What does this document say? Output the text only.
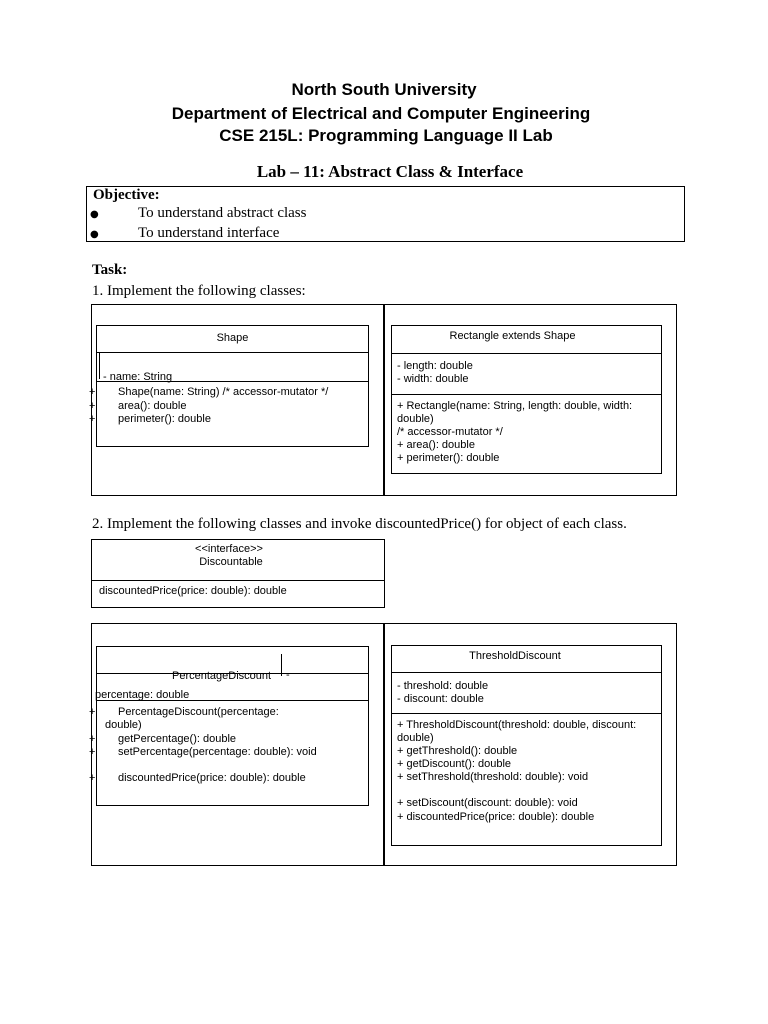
North South University
Department of Electrical and Computer Engineering
CSE 215L: Programming Language II Lab
Lab – 11: Abstract Class & Interface
Objective:
●	To understand abstract class
●	To understand interface
Task:
1. Implement the following classes:
Shape
- name: String
+
+
+
Shape(name: String) /* accessor-mutator */
area(): double
perimeter(): double
Rectangle extends Shape
- length: double
- width: double
+ Rectangle(name: String, length: double, width:
double)
/* accessor-mutator */
+ area(): double
+ perimeter(): double
2. Implement the following classes and invoke discountedPrice() for object of each class.
<<interface>>
Discountable
discountedPrice(price: double): double
PercentageDiscount -
percentage: double
+
+
+
+
PercentageDiscount(percentage:
double)
getPercentage(): double
setPercentage(percentage: double): void
discountedPrice(price: double): double
ThresholdDiscount
- threshold: double
- discount: double
+ ThresholdDiscount(threshold: double, discount:
double)
+ getThreshold(): double
+ getDiscount(): double
+ setThreshold(threshold: double): void
+ setDiscount(discount: double): void
+ discountedPrice(price: double): double
